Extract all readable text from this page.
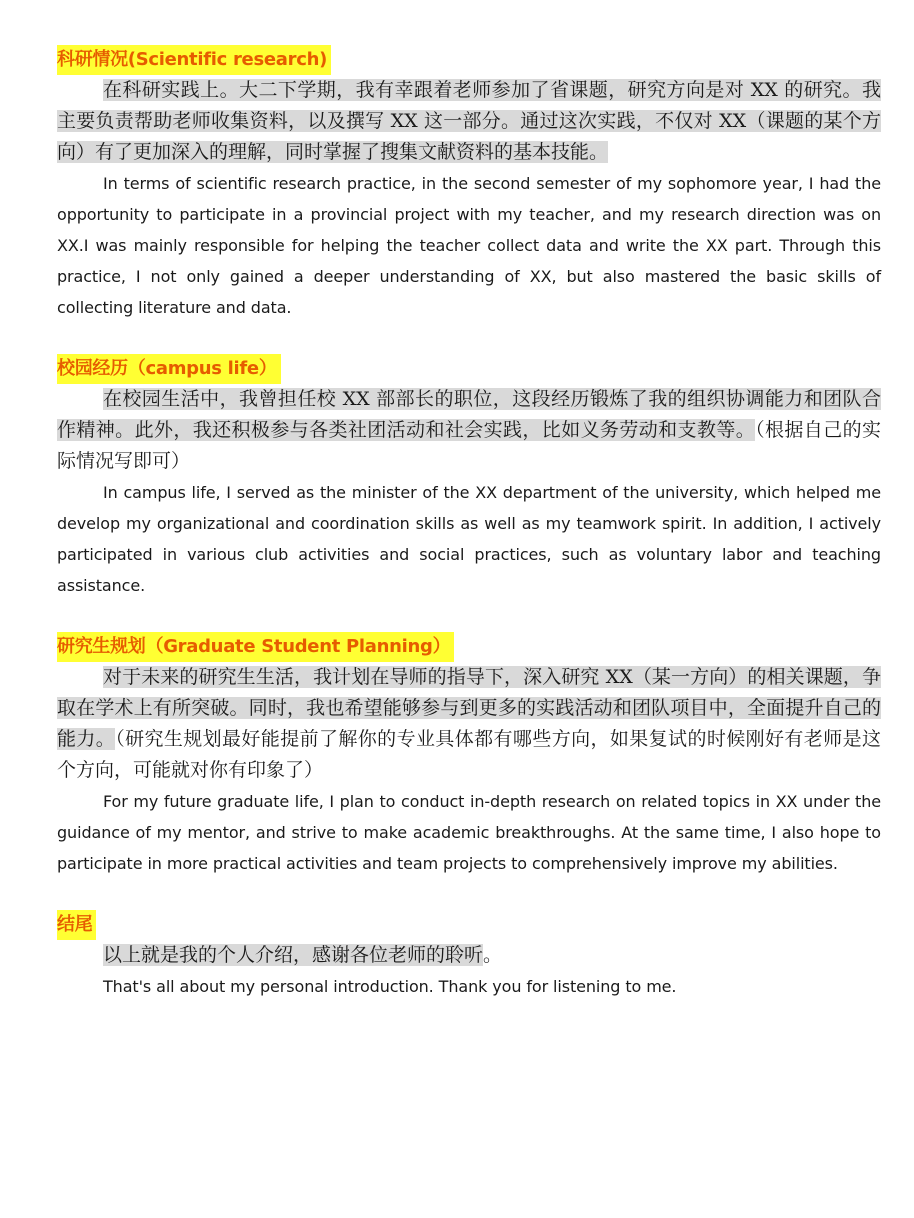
科研情况(Scientific research)

在科研实践上。大二下学期，我有幸跟着老师参加了省课题，研究方向是对 XX 的研究。我主要负责帮助老师收集资料，以及撰写 XX 这一部分。通过这次实践，不仅对 XX（课题的某个方向）有了更加深入的理解，同时掌握了搜集文献资料的基本技能。

In terms of scientific research practice, in the second semester of my sophomore year, I had the opportunity to participate in a provincial project with my teacher, and my research direction was on XX.I was mainly responsible for helping the teacher collect data and write the XX part. Through this practice, I not only gained a deeper understanding of XX, but also mastered the basic skills of collecting literature and data.

校园经历（campus life）

在校园生活中，我曾担任校 XX 部部长的职位，这段经历锻炼了我的组织协调能力和团队合作精神。此外，我还积极参与各类社团活动和社会实践，比如义务劳动和支教等。（根据自己的实际情况写即可）

In campus life, I served as the minister of the XX department of the university, which helped me develop my organizational and coordination skills as well as my teamwork spirit. In addition, I actively participated in various club activities and social practices, such as voluntary labor and teaching assistance.

研究生规划（Graduate Student Planning）

对于未来的研究生生活，我计划在导师的指导下，深入研究 XX（某一方向）的相关课题，争取在学术上有所突破。同时，我也希望能够参与到更多的实践活动和团队项目中，全面提升自己的能力。（研究生规划最好能提前了解你的专业具体都有哪些方向，如果复试的时候刚好有老师是这个方向，可能就对你有印象了）

For my future graduate life, I plan to conduct in-depth research on related topics in XX under the guidance of my mentor, and strive to make academic breakthroughs. At the same time, I also hope to participate in more practical activities and team projects to comprehensively improve my abilities.

结尾

以上就是我的个人介绍，感谢各位老师的聆听。

That's all about my personal introduction. Thank you for listening to me.
